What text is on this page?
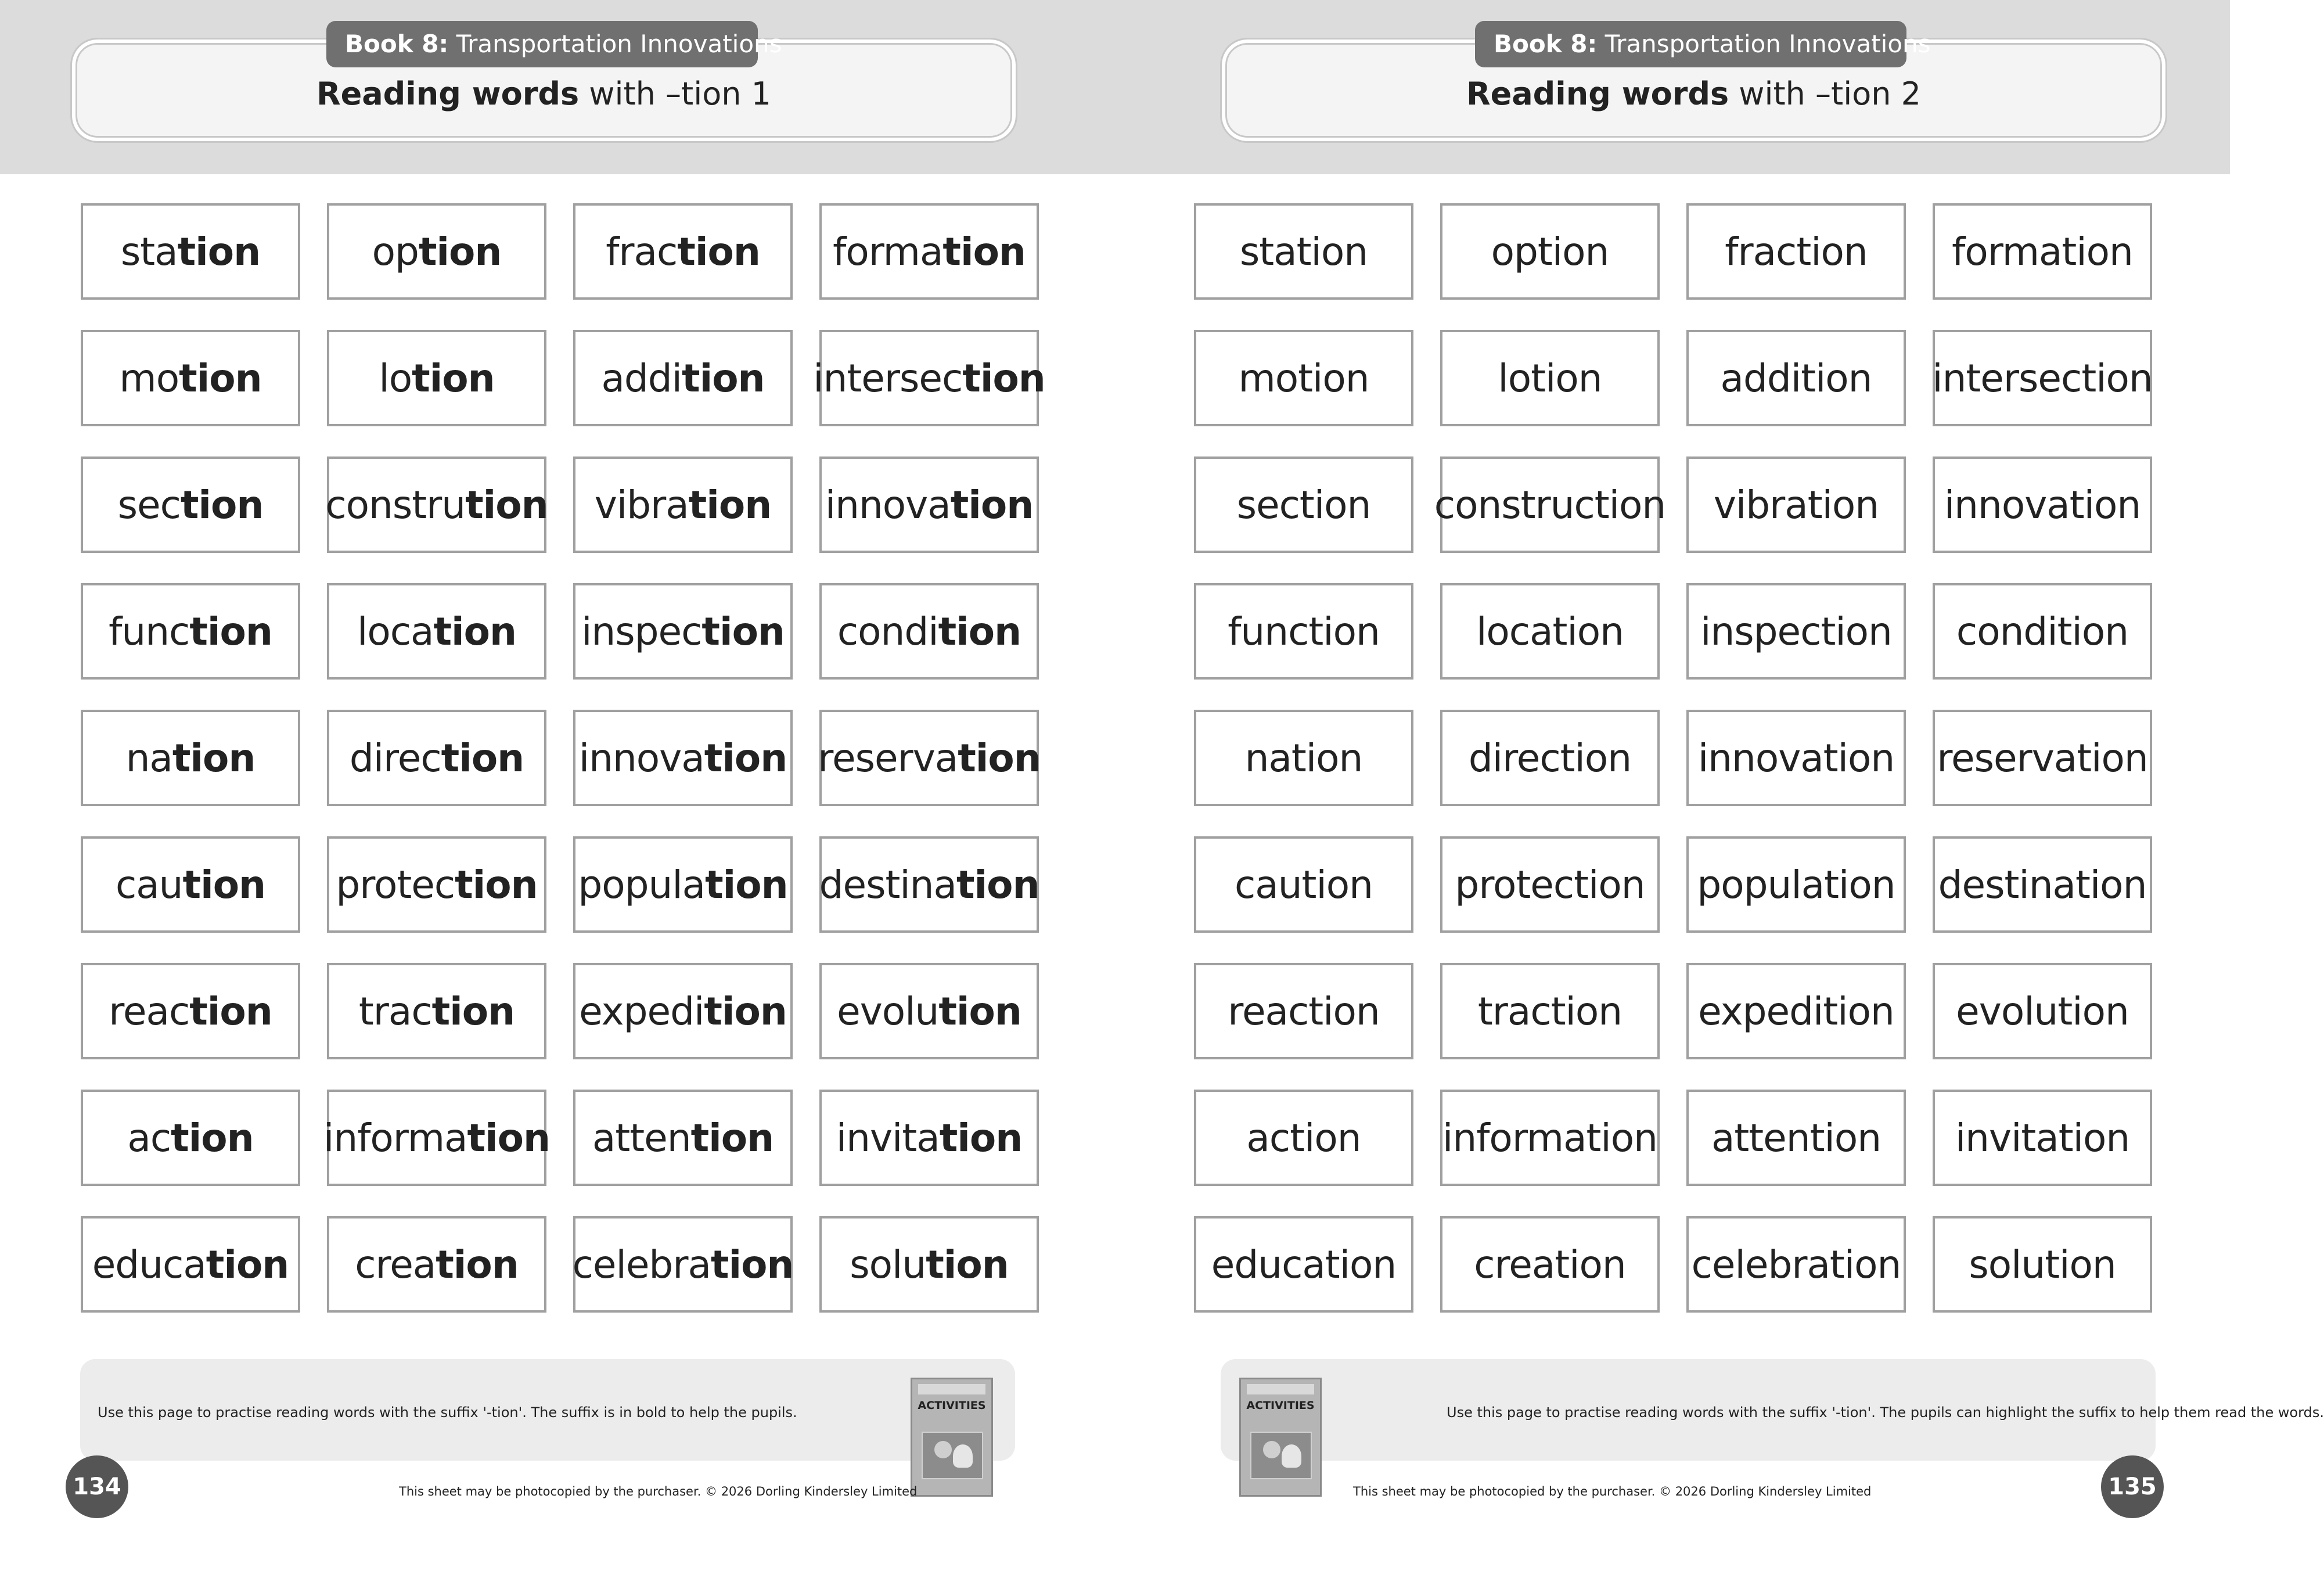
Reading words with –tion 1
Book 8: Transportation Innovations
sta tion	op tion	frac tion forma tion
mo tion	lo tion	addi tion intersec tion
sec tion constru tion vibra tion innova tion
func tion loca tion inspec tion condi tion
na tion direc tion innova tion reserva tion
cau tion protec tion popula tion destina tion
reac tion trac tion expedi tion evolu tion
ac tion informa tion atten tion invita tion
educa tion crea tion celebra tion solu tion
Use this page to practise reading words with the suffix '-tion'. The suffix is in bold to help the pupils.	ACTIVITIES
134	This sheet may be photocopied by the purchaser. © 2026 Dorling Kindersley Limited
Reading words with –tion 2
Book 8: Transportation Innovations
station	option	fraction formation
motion	lotion	addition intersection
section construction vibration innovation
function	location inspection condition
nation	direction innovation reservation
caution protection population destination
reaction	traction expedition evolution
action information attention invitation
education creation celebration solution
Use this page to practise reading words with the suffix '-tion'. The pupils can highlight the suffix to help them read the words.
ACTIVITIES
135
This sheet may be photocopied by the purchaser. © 2026 Dorling Kindersley Limited
